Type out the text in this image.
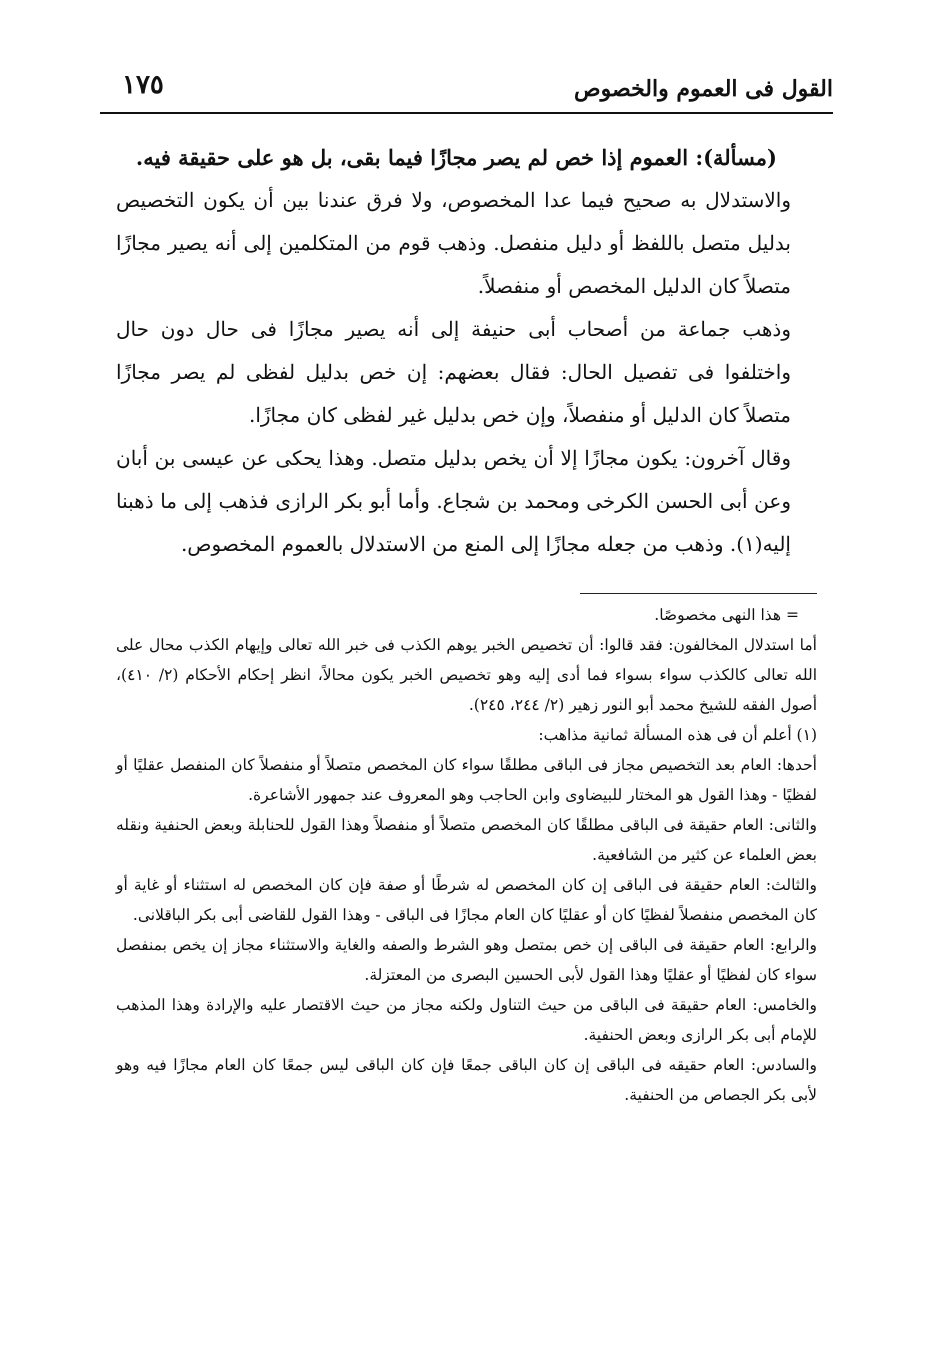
القول فى العموم والخصوص
١٧٥

(مسألة): العموم إذا خص لم يصر مجازًا فيما بقى، بل هو على حقيقة فيه.

والاستدلال به صحيح فيما عدا المخصوص، ولا فرق عندنا بين أن يكون التخصيص بدليل متصل باللفظ أو دليل منفصل. وذهب قوم من المتكلمين إلى أنه يصير مجازًا متصلاً كان الدليل المخصص أو منفصلاً.

وذهب جماعة من أصحاب أبى حنيفة إلى أنه يصير مجازًا فى حال دون حال واختلفوا فى تفصيل الحال: فقال بعضهم: إن خص بدليل لفظى لم يصر مجازًا متصلاً كان الدليل أو منفصلاً، وإن خص بدليل غير لفظى كان مجازًا.

وقال آخرون: يكون مجازًا إلا أن يخص بدليل متصل. وهذا يحكى عن عيسى بن أبان وعن أبى الحسن الكرخى ومحمد بن شجاع. وأما أبو بكر الرازى فذهب إلى ما ذهبنا إليه(١). وذهب من جعله مجازًا إلى المنع من الاستدلال بالعموم المخصوص.

= هذا النهى مخصوصًا.

أما استدلال المخالفون: فقد قالوا: أن تخصيص الخبر يوهم الكذب فى خبر الله تعالى وإيهام الكذب محال على الله تعالى كالكذب سواء بسواء فما أدى إليه وهو تخصيص الخبر يكون محالاً، انظر إحكام الأحكام (٢/ ٤١٠)، أصول الفقه للشيخ محمد أبو النور زهير (٢/ ٢٤٤، ٢٤٥).

(١) أعلم أن فى هذه المسألة ثمانية مذاهب:

أحدها: العام بعد التخصيص مجاز فى الباقى مطلقًا سواء كان المخصص متصلاً أو منفصلاً كان المنفصل عقليًا أو لفظيًا - وهذا القول هو المختار للبيضاوى وابن الحاجب وهو المعروف عند جمهور الأشاعرة.

والثانى: العام حقيقة فى الباقى مطلقًا كان المخصص متصلاً أو منفصلاً وهذا القول للحنابلة وبعض الحنفية ونقله بعض العلماء عن كثير من الشافعية.

والثالث: العام حقيقة فى الباقى إن كان المخصص له شرطًا أو صفة فإن كان المخصص له استثناء أو غاية أو كان المخصص منفصلاً لفظيًا كان أو عقليًا كان العام مجازًا فى الباقى - وهذا القول للقاضى أبى بكر الباقلانى.

والرابع: العام حقيقة فى الباقى إن خص بمتصل وهو الشرط والصفه والغاية والاستثناء مجاز إن يخص بمنفصل سواء كان لفظيًا أو عقليًا وهذا القول لأبى الحسين البصرى من المعتزلة.

والخامس: العام حقيقة فى الباقى من حيث التناول ولكنه مجاز من حيث الاقتصار عليه والإرادة وهذا المذهب للإمام أبى بكر الرازى وبعض الحنفية.

والسادس: العام حقيقه فى الباقى إن كان الباقى جمعًا فإن كان الباقى ليس جمعًا كان العام مجازًا فيه وهو لأبى بكر الجصاص من الحنفية.
